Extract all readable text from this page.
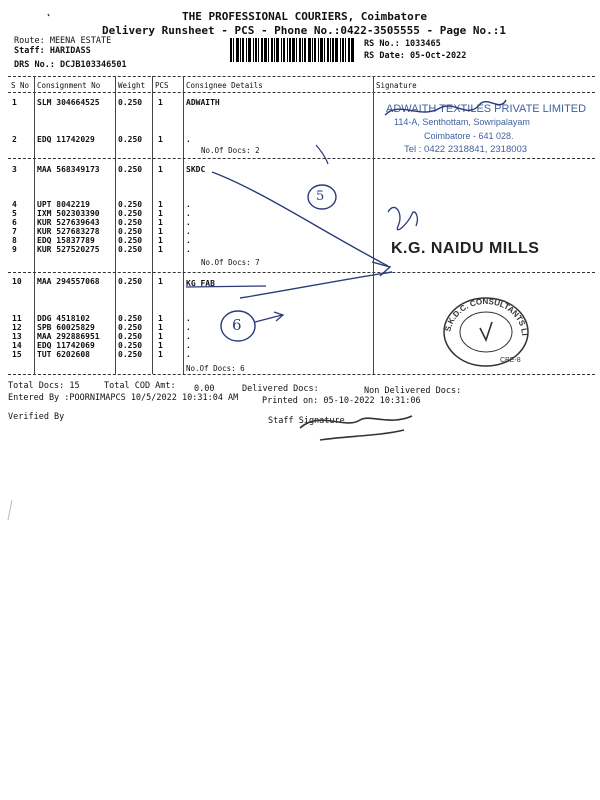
THE PROFESSIONAL COURIERS, Coimbatore
Delivery Runsheet - PCS - Phone No.:0422-3505555 - Page No.:1
Route: MEENA ESTATE
Staff: HARIDASS
DRS No.: DCJB103346501
RS No.: 1033465
RS Date: 05-Oct-2022
S No Consignment No Weight PCS Consignee Details	Signature
1	SLM 304664525 0.250 1	ADWAITH
2	EDQ 11742029	0.250 1	.
No.Of Docs: 2
3	MAA 568349173 0.250 1	SKDC
4	UPT 8042219	0.250 1	.
5	IXM 502303390 0.250 1	.
6	KUR 527639643 0.250 1	.
7	KUR 527683278 0.250 1	.
8	EDQ 15837789	0.250 1	.
9	KUR 527520275 0.250 1	.
No.Of Docs: 7
10 MAA 294557068 0.250 1	KG FAB
11 DDG 4518102	0.250 1	.
12 SPB 60025829	0.250 1	.
13 MAA 292886951 0.250 1	.
14 EDQ 11742069	0.250 1	.
15 TUT 6202608	0.250 1	.
No.Of Docs: 6
Total Docs: 15	Total COD Amt: 0.00	Delivered Docs:	Non Delivered Docs:
Entered By :POORNIMAPCS 10/5/2022 10:31:04 AM	Printed on: 05-10-2022 10:31:06
Verified By	Staff Signature
ADWAITH TEXTILES PRIVATE LIMITED
114-A, Senthottam, Sowripalayam
Coimbatore - 641 028.
Tel : 0422 2318841, 2318003
K.G. NAIDU MILLS
S.K.D.C. CONSULTANTS LI
CBE-8
5
6
